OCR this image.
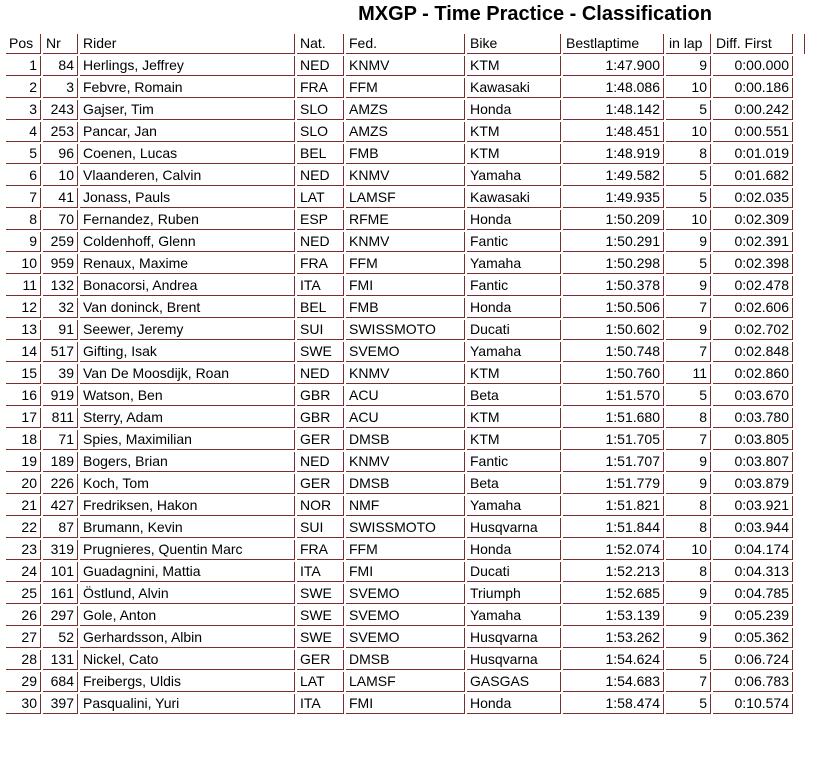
MXGP - Time Practice - Classification
Pos	Nr	Rider	Nat.	Fed.	Bike	Bestlaptime	in lap	Diff. First	
1	84	Herlings, Jeffrey	NED	KNMV	KTM	1:47.900	9	0:00.000	
2	3	Febvre, Romain	FRA	FFM	Kawasaki	1:48.086	10	0:00.186	
3	243	Gajser, Tim	SLO	AMZS	Honda	1:48.142	5	0:00.242	
4	253	Pancar, Jan	SLO	AMZS	KTM	1:48.451	10	0:00.551	
5	96	Coenen, Lucas	BEL	FMB	KTM	1:48.919	8	0:01.019	
6	10	Vlaanderen, Calvin	NED	KNMV	Yamaha	1:49.582	5	0:01.682	
7	41	Jonass, Pauls	LAT	LAMSF	Kawasaki	1:49.935	5	0:02.035	
8	70	Fernandez, Ruben	ESP	RFME	Honda	1:50.209	10	0:02.309	
9	259	Coldenhoff, Glenn	NED	KNMV	Fantic	1:50.291	9	0:02.391	
10	959	Renaux, Maxime	FRA	FFM	Yamaha	1:50.298	5	0:02.398	
11	132	Bonacorsi, Andrea	ITA	FMI	Fantic	1:50.378	9	0:02.478	
12	32	Van doninck, Brent	BEL	FMB	Honda	1:50.506	7	0:02.606	
13	91	Seewer, Jeremy	SUI	SWISSMOTO	Ducati	1:50.602	9	0:02.702	
14	517	Gifting, Isak	SWE	SVEMO	Yamaha	1:50.748	7	0:02.848	
15	39	Van De Moosdijk, Roan	NED	KNMV	KTM	1:50.760	11	0:02.860	
16	919	Watson, Ben	GBR	ACU	Beta	1:51.570	5	0:03.670	
17	811	Sterry, Adam	GBR	ACU	KTM	1:51.680	8	0:03.780	
18	71	Spies, Maximilian	GER	DMSB	KTM	1:51.705	7	0:03.805	
19	189	Bogers, Brian	NED	KNMV	Fantic	1:51.707	9	0:03.807	
20	226	Koch, Tom	GER	DMSB	Beta	1:51.779	9	0:03.879	
21	427	Fredriksen, Hakon	NOR	NMF	Yamaha	1:51.821	8	0:03.921	
22	87	Brumann, Kevin	SUI	SWISSMOTO	Husqvarna	1:51.844	8	0:03.944	
23	319	Prugnieres, Quentin Marc	FRA	FFM	Honda	1:52.074	10	0:04.174	
24	101	Guadagnini, Mattia	ITA	FMI	Ducati	1:52.213	8	0:04.313	
25	161	Östlund, Alvin	SWE	SVEMO	Triumph	1:52.685	9	0:04.785	
26	297	Gole, Anton	SWE	SVEMO	Yamaha	1:53.139	9	0:05.239	
27	52	Gerhardsson, Albin	SWE	SVEMO	Husqvarna	1:53.262	9	0:05.362	
28	131	Nickel, Cato	GER	DMSB	Husqvarna	1:54.624	5	0:06.724	
29	684	Freibergs, Uldis	LAT	LAMSF	GASGAS	1:54.683	7	0:06.783	
30	397	Pasqualini, Yuri	ITA	FMI	Honda	1:58.474	5	0:10.574	
